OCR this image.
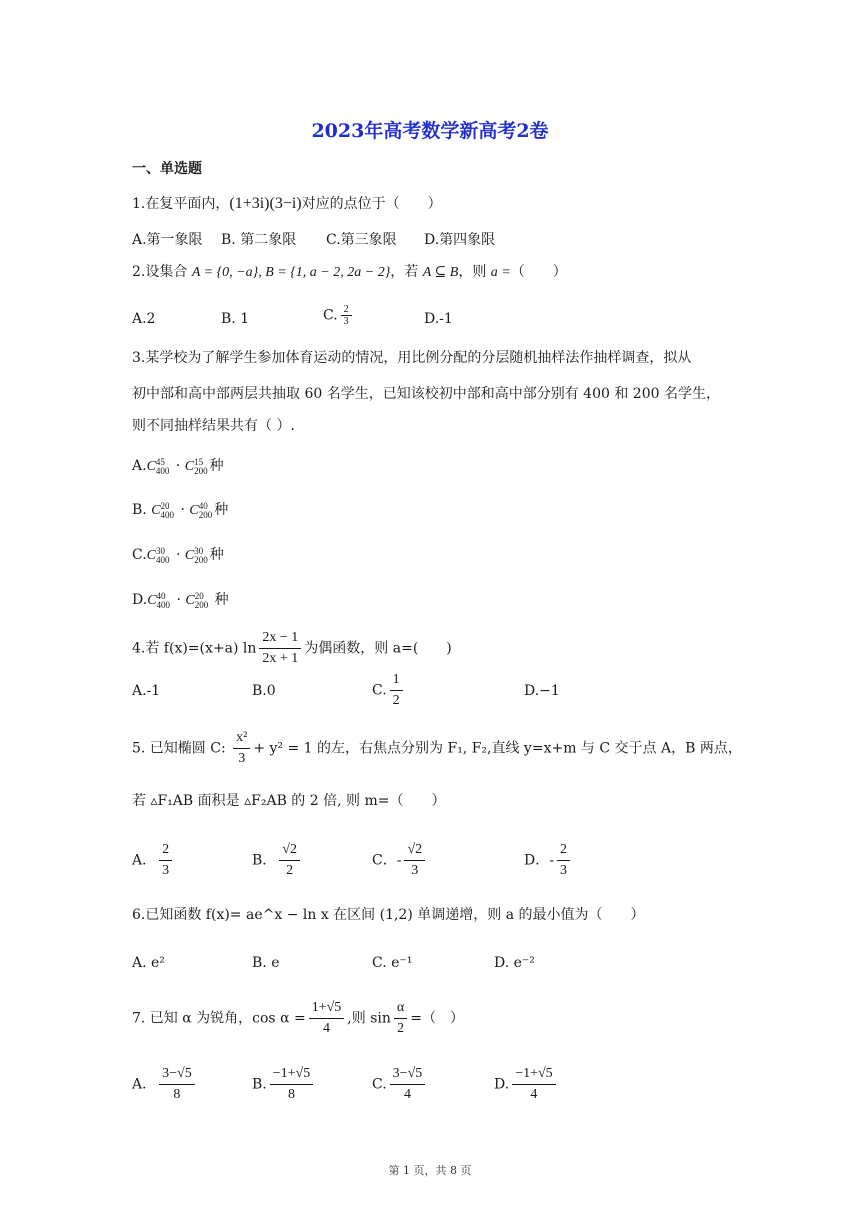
2023年高考数学新高考2卷
一、单选题
1.在复平面内，(1+3i)(3−i)对应的点位于（　　）
A.第一象限 B. 第二象限 C.第三象限 D.第四象限
2.设集合 A = {0, −a}, B = {1, a − 2, 2a − 2}，若 A ⊆ B，则 a =（　　）
A.2	B. 1	C. $\frac{2}{3}$	D.-1
3.某学校为了解学生参加体育运动的情况，用比例分配的分层随机抽样法作抽样调查，拟从
初中部和高中部两层共抽取 60 名学生，已知该校初中部和高中部分别有 400 和 200 名学生，
则不同抽样结果共有（ ）.
A.C 45
400 · C 15
200 种
B. C 20
400 · C 40
200 种
C.C 30
400 · C 30
200 种
D.C 40
400 · C 20
200 种
4.若 f(x)=(x+a) $\ln \frac{2x - 1}{2x + 1}$ 为偶函数，则 a=(　　)
A.-1	B.0	C. $\frac{1}{2}$	D.−1
5. 已知椭圆 C: $\frac{\text{x²}}{3} + y^2 = 1$ 的左，右焦点分别为 F₁, F₂,直线 y=x+m 与 C 交于点 A，B 两点，
若 ▵F₁AB 面积是 ▵F₂AB 的 2 倍, 则 m=（　　）
A． $\frac{2}{3}$	B． $\frac{√2}{2}$	C．- $\frac{√2}{3}$	D．- $\frac{2}{3}$
6.已知函数 f(x)= ae^x − ln x 在区间 (1,2) 单调递增，则 a 的最小值为（　　）
A. e²	B. e	C. e⁻¹	D. e⁻²
7. 已知 α 为锐角，$\cos \alpha = \frac{1+√5}{4}$ ,则 $\sin \frac{\alpha}{2}$ =（　）
A． $\frac{3-√5}{8}$	B. $\frac{-1+√5}{8}$	C. $\frac{3-√5}{4}$	D. $\frac{-1+√5}{4}$
第 1 页，共 8 页
